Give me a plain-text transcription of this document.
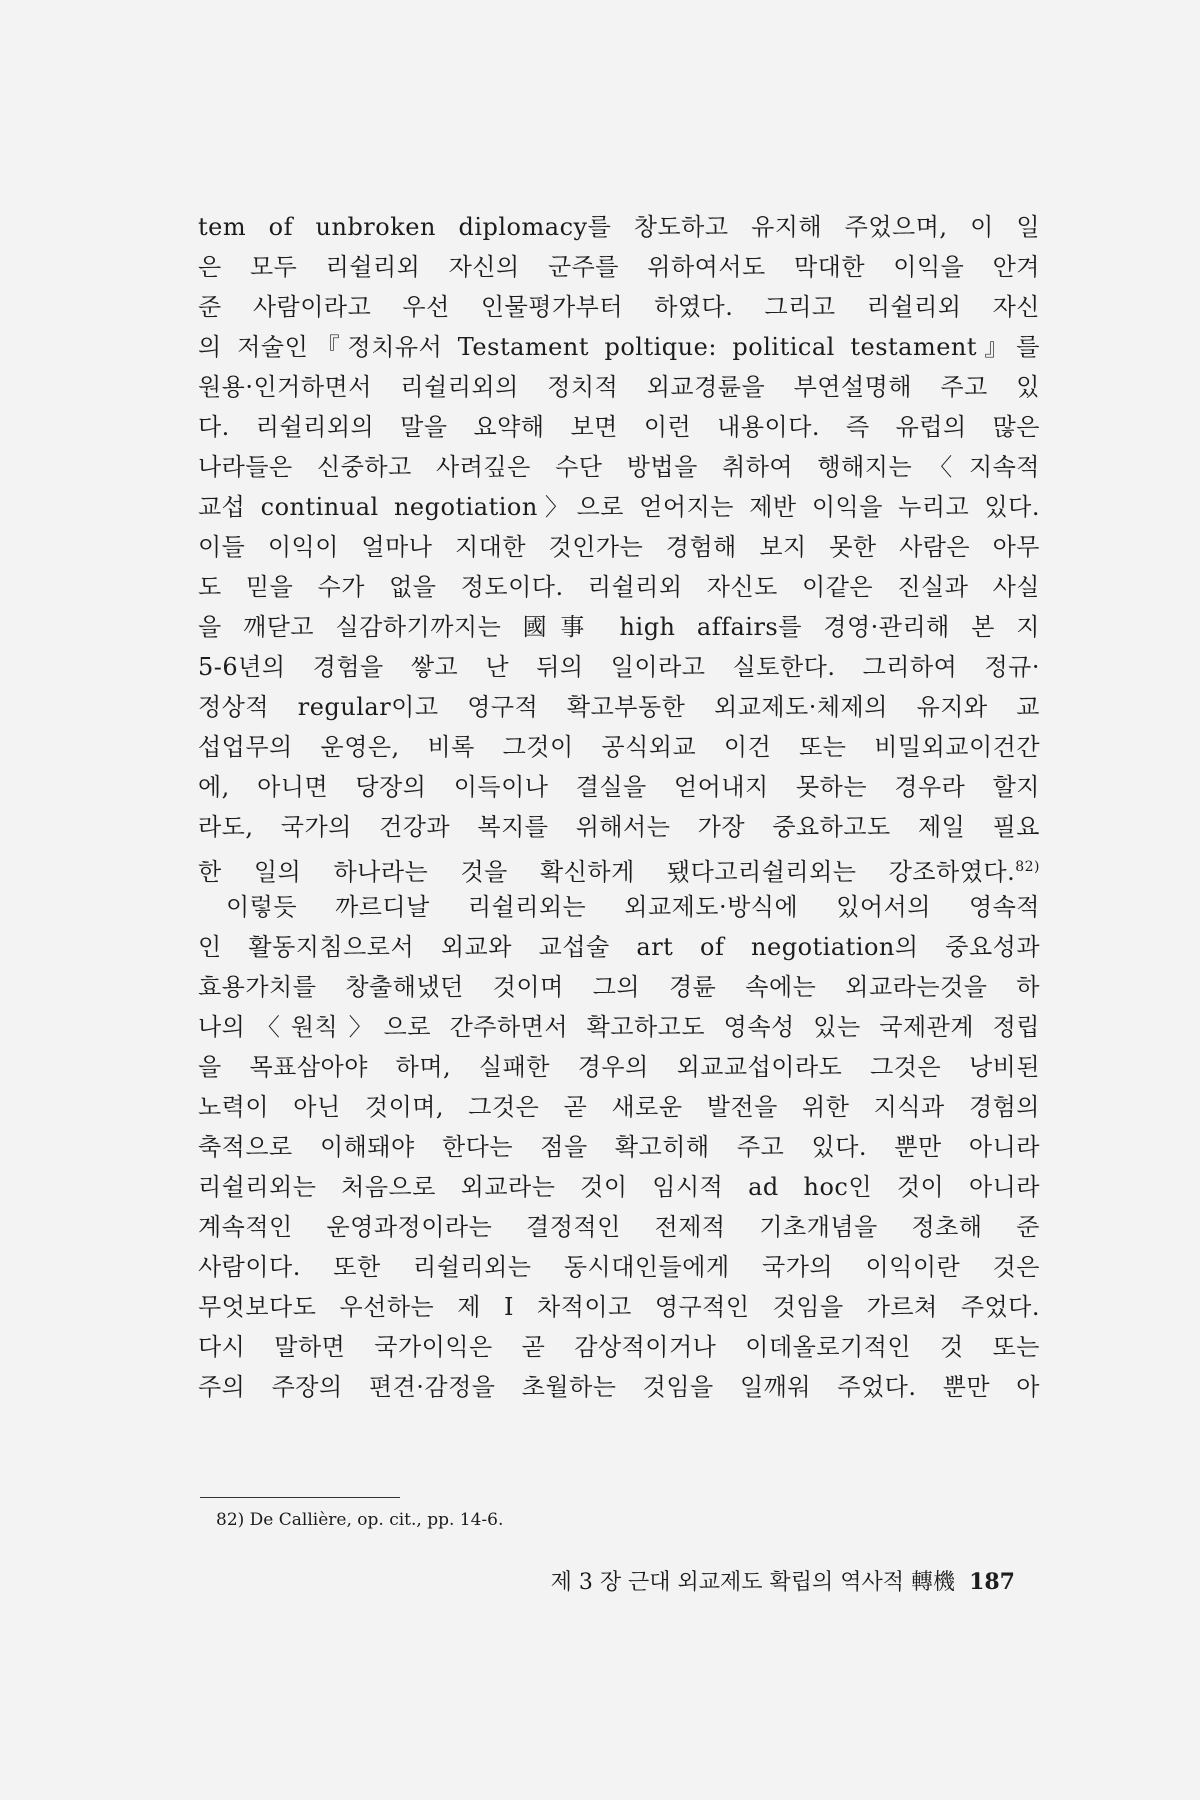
tem of unbroken diplomacy를 창도하고 유지해 주었으며, 이 일
은 모두 리쉴리외 자신의 군주를 위하여서도 막대한 이익을 안겨
준 사람이라고 우선 인물평가부터 하였다. 그리고 리쉴리외 자신
의 저술인『정치유서 Testament poltique: political testament』를
원용·인거하면서 리쉴리외의 정치적 외교경륜을 부연설명해 주고 있
다. 리쉴리외의 말을 요약해 보면 이런 내용이다. 즉 유럽의 많은
나라들은 신중하고 사려깊은 수단 방법을 취하여 행해지는〈지속적
교섭 continual negotiation〉으로 얻어지는 제반 이익을 누리고 있다.
이들 이익이 얼마나 지대한 것인가는 경험해 보지 못한 사람은 아무
도 믿을 수가 없을 정도이다. 리쉴리외 자신도 이같은 진실과 사실
을 깨닫고 실감하기까지는 國事 high affairs를 경영·관리해 본 지
5-6년의 경험을 쌓고 난 뒤의 일이라고 실토한다. 그리하여 정규·
정상적 regular이고 영구적 확고부동한 외교제도·체제의 유지와 교
섭업무의 운영은, 비록 그것이 공식외교 이건 또는 비밀외교이건간
에, 아니면 당장의 이득이나 결실을 얻어내지 못하는 경우라 할지
라도, 국가의 건강과 복지를 위해서는 가장 중요하고도 제일 필요
한 일의 하나라는 것을 확신하게 됐다고리쉴리외는 강조하였다.$^{82)}$
이렇듯 까르디날 리쉴리외는 외교제도·방식에 있어서의 영속적
인 활동지침으로서 외교와 교섭술 art of negotiation의 중요성과
효용가치를 창출해냈던 것이며 그의 경륜 속에는 외교라는것을 하
나의〈원칙〉으로 간주하면서 확고하고도 영속성 있는 국제관계 정립
을 목표삼아야 하며, 실패한 경우의 외교교섭이라도 그것은 낭비된
노력이 아닌 것이며, 그것은 곧 새로운 발전을 위한 지식과 경험의
축적으로 이해돼야 한다는 점을 확고히해 주고 있다. 뿐만 아니라
리쉴리외는 처음으로 외교라는 것이 임시적 ad hoc인 것이 아니라
계속적인 운영과정이라는 결정적인 전제적 기초개념을 정초해 준
사람이다. 또한 리쉴리외는 동시대인들에게 국가의 이익이란 것은
무엇보다도 우선하는 제 I 차적이고 영구적인 것임을 가르쳐 주었다.
다시 말하면 국가이익은 곧 감상적이거나 이데올로기적인 것 또는
주의 주장의 편견·감정을 초월하는 것임을 일깨워 주었다. 뿐만 아
82) De Callière, op. cit., pp. 14-6.
제 3 장 근대 외교제도 확립의 역사적 轉機 187
